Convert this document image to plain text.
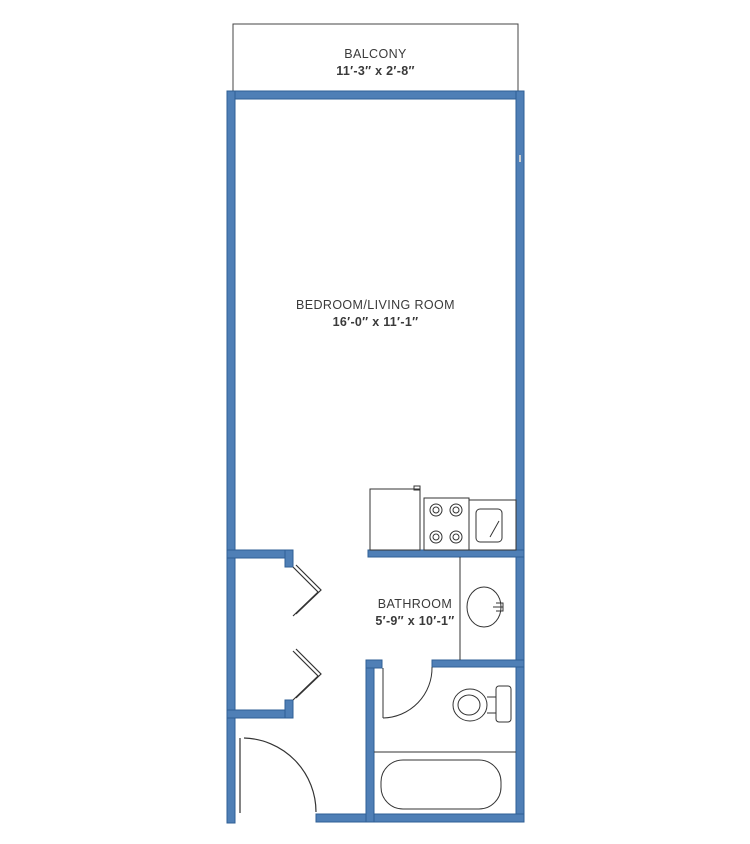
BALCONY
11′-3″ x 2′-8″
BEDROOM/LIVING ROOM
16′-0″ x 11′-1″
BATHROOM
5′-9″ x 10′-1″
